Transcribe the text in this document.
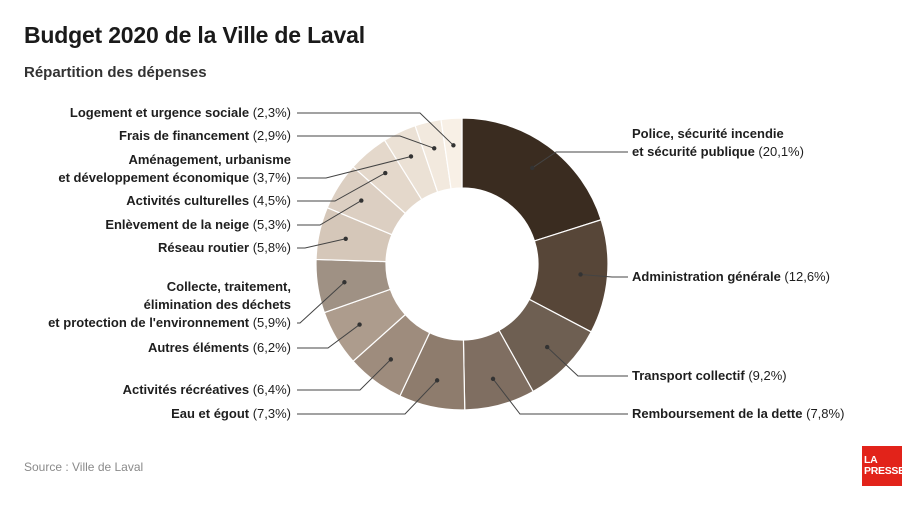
Budget 2020 de la Ville de Laval
Répartition des dépenses
Police, sécurité incendie
et sécurité publique (20,1%)
Administration générale (12,6%)
Transport collectif (9,2%)
Remboursement de la dette (7,8%)
Eau et égout (7,3%)
Activités récréatives (6,4%)
Autres éléments (6,2%)
Collecte, traitement,
élimination des déchets
et protection de l'environnement (5,9%)
Réseau routier (5,8%)
Enlèvement de la neige (5,3%)
Activités culturelles (4,5%)
Aménagement, urbanisme
et développement économique (3,7%)
Frais de financement (2,9%)
Logement et urgence sociale (2,3%)
Source : Ville de Laval	LA
PRESSE
